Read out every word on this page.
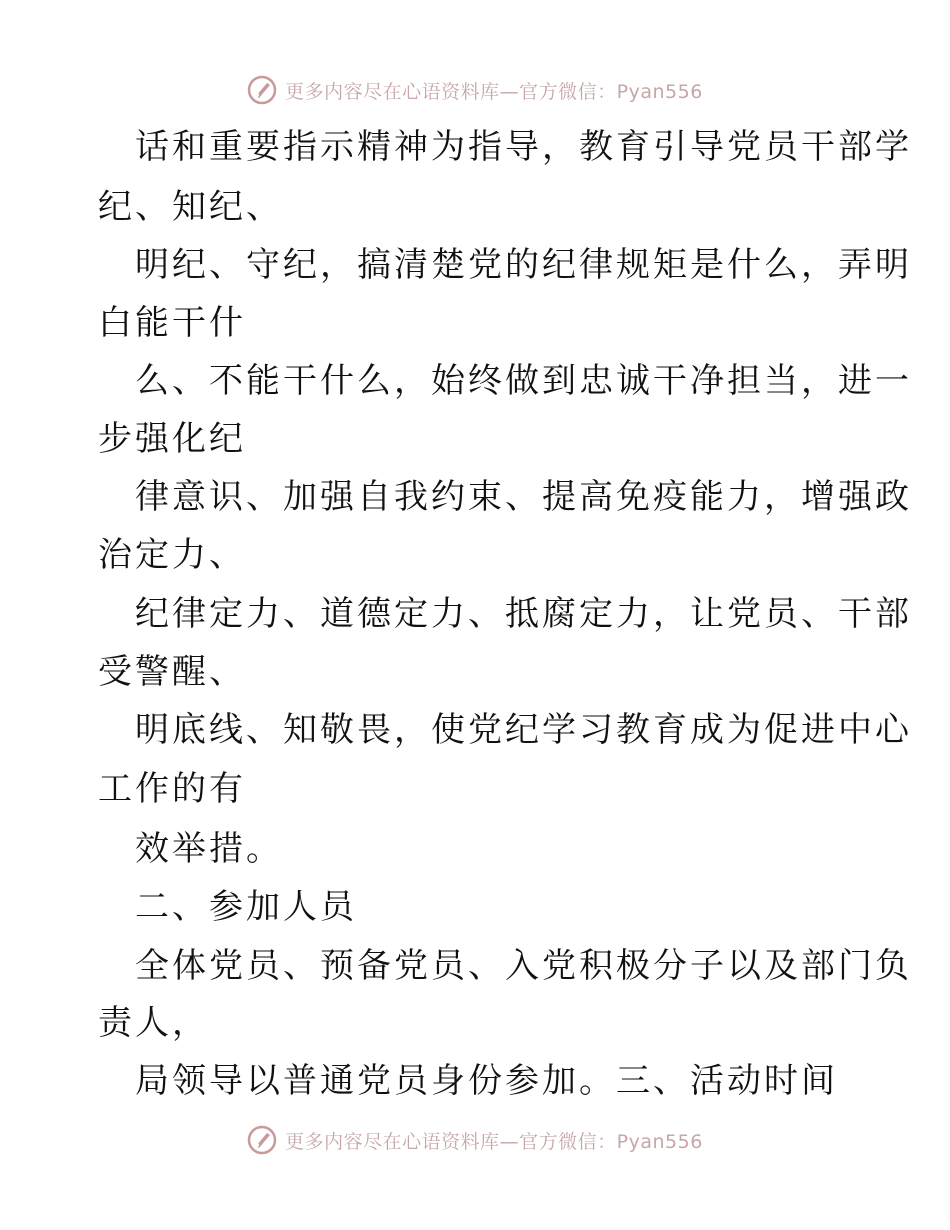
更多内容尽在心语资料库—官方微信：Pyan556
话和重要指示精神为指导，教育引导党员干部学
纪、知纪、
明纪、守纪，搞清楚党的纪律规矩是什么，弄明
白能干什
么、不能干什么，始终做到忠诚干净担当，进一
步强化纪
律意识、加强自我约束、提高免疫能力，增强政
治定力、
纪律定力、道德定力、抵腐定力，让党员、干部
受警醒、
明底线、知敬畏，使党纪学习教育成为促进中心
工作的有
效举措。
二、参加人员
全体党员、预备党员、入党积极分子以及部门负
责人，
局领导以普通党员身份参加。三、活动时间
更多内容尽在心语资料库—官方微信：Pyan556
